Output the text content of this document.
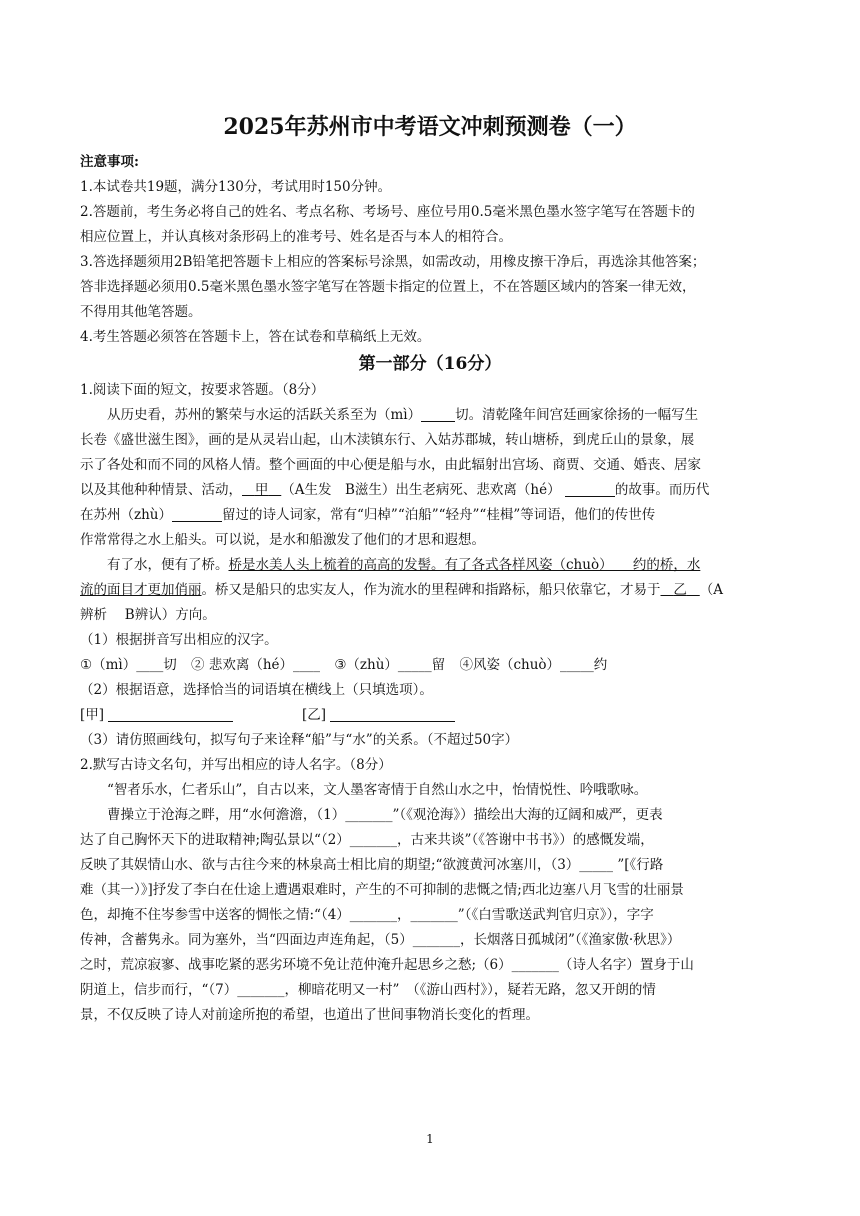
2025年苏州市中考语文冲刺预测卷（一）

注意事项:

1.本试卷共19题，满分130分，考试用时150分钟。

2.答题前，考生务必将自己的姓名、考点名称、考场号、座位号用0.5毫米黑色墨水签字笔写在答题卡的

相应位置上，并认真核对条形码上的准考号、姓名是否与本人的相符合。

3.答选择题须用2B铅笔把答题卡上相应的答案标号涂黑，如需改动，用橡皮擦干净后，再选涂其他答案；

答非选择题必须用0.5毫米黑色墨水签字笔写在答题卡指定的位置上，不在答题区域内的答案一律无效，

不得用其他笔答题。

4.考生答题必须答在答题卡上，答在试卷和草稿纸上无效。

第一部分（16分）

1.阅读下面的短文，按要求答题。（8分）

从历史看，苏州的繁荣与水运的活跃关系至为（mì）	切。清乾隆年间宫廷画家徐扬的一幅写生

长卷《盛世滋生图》，画的是从灵岩山起，山木渎镇东行、入姑苏郡城，转山塘桥，到虎丘山的景象，展

示了各处和而不同的风格人情。整个画面的中心便是船与水，由此辐射出宫场、商贾、交通、婚丧、居家

以及其他种种情景、活动， 甲 （A生发　B滋生）出生老病死、悲欢离（hé）	的故事。而历代

在苏州（zhù）	留过的诗人词家，常有“归棹”“泊船”“轻舟”“桂楫”等词语，他们的传世传

作常常得之水上船头。可以说，是水和船激发了他们的才思和遐想。

有了水，便有了桥。桥是水美人头上梳着的高高的发髻。有了各式各样风姿（chuò）　　约的桥，水

流的面目才更加俏丽。桥又是船只的忠实友人，作为流水的里程碑和指路标，船只依靠它，才易于 乙 （A

辨析　 B辨认）方向。

（1）根据拼音写出相应的汉字。

①（mì）____切 ② 悲欢离（hé）____ ③（zhù）_____留 ④风姿（chuò）_____约

（2）根据语意，选择恰当的词语填在横线上（只填选项）。

[甲]	[乙]

（3）请仿照画线句，拟写句子来诠释“船”与“水”的关系。（不超过50字）

2.默写古诗文名句，并写出相应的诗人名字。（8分）

“智者乐水，仁者乐山”，自古以来，文人墨客寄情于自然山水之中，怡情悦性、吟哦歌咏。

曹操立于沧海之畔，用“水何澹澹，（1）_______”（《观沧海》）描绘出大海的辽阔和威严，更表

达了自己胸怀天下的进取精神;陶弘景以“（2）_______，古来共谈”（《答谢中书书》）的感慨发端，

反映了其娱情山水、欲与古往今来的林泉高士相比肩的期望;“欲渡黄河冰塞川，（3）_____ ”[《行路

难（其一）》]抒发了李白在仕途上遭遇艰难时，产生的不可抑制的悲慨之情;西北边塞八月飞雪的壮丽景

色，却掩不住岑参雪中送客的惆怅之情:“（4）_______，_______”（《白雪歌送武判官归京》），字字

传神，含蓄隽永。同为塞外，当“四面边声连角起，（5）_______，长烟落日孤城闭”（《渔家傲·秋思》）

之时，荒凉寂寥、战事吃紧的恶劣环境不免让范仲淹升起思乡之愁;（6）_______（诗人名字）置身于山

阴道上，信步而行，“（7）_______，柳暗花明又一村”　（《游山西村》），疑若无路，忽又开朗的情

景，不仅反映了诗人对前途所抱的希望，也道出了世间事物消长变化的哲理。

1
